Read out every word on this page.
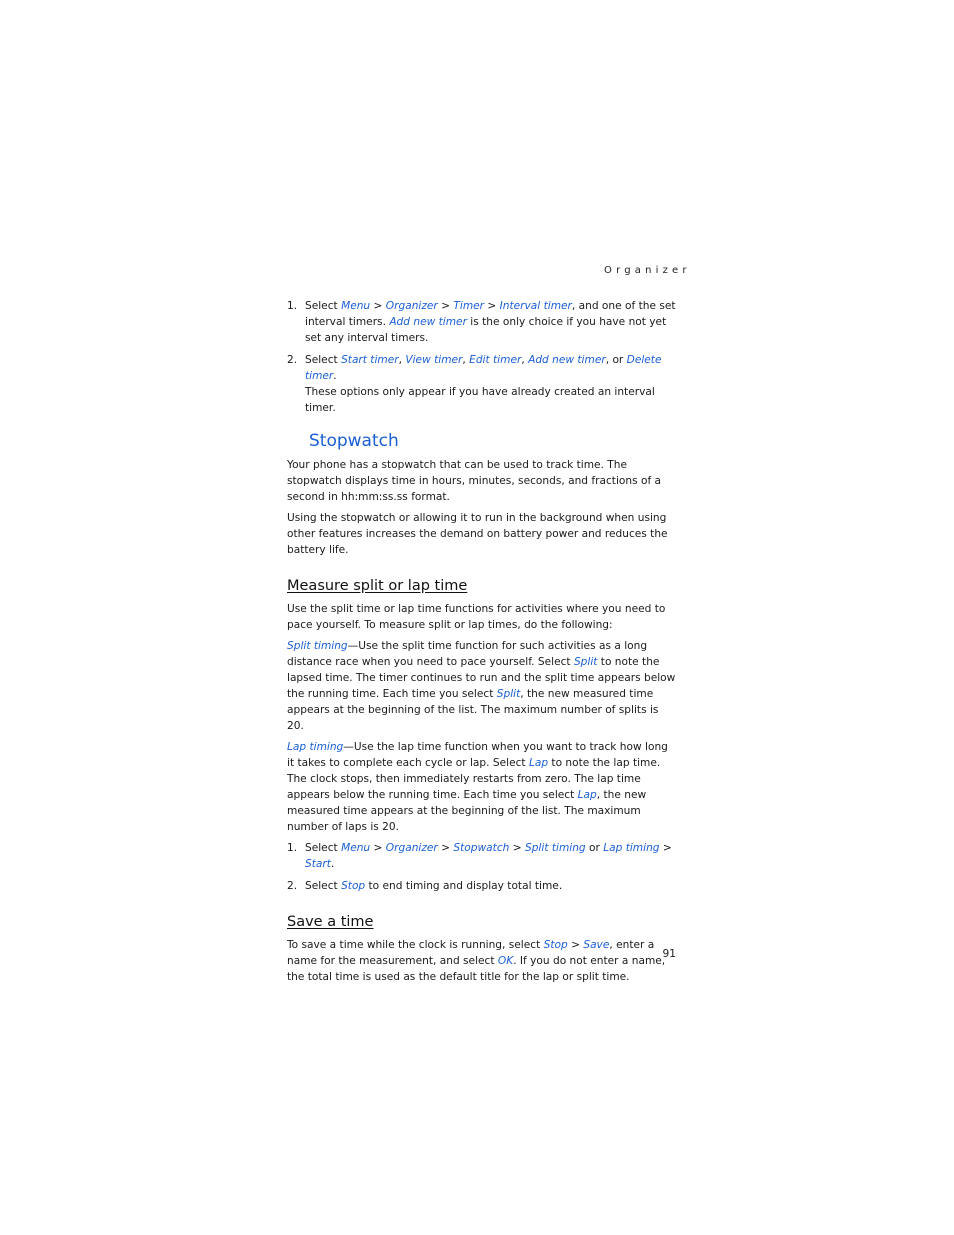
Organizer
1. Select Menu > Organizer > Timer > Interval timer, and one of the set interval timers. Add new timer is the only choice if you have not yet set any interval timers.
2. Select Start timer, View timer, Edit timer, Add new timer, or Delete timer.
These options only appear if you have already created an interval timer.
Stopwatch

Your phone has a stopwatch that can be used to track time. The stopwatch displays time in hours, minutes, seconds, and fractions of a second in hh:mm:ss.ss format.

Using the stopwatch or allowing it to run in the background when using other features increases the demand on battery power and reduces the battery life.

Measure split or lap time

Use the split time or lap time functions for activities where you need to pace yourself. To measure split or lap times, do the following:

Split timing—Use the split time function for such activities as a long distance race when you need to pace yourself. Select Split to note the lapsed time. The timer continues to run and the split time appears below the running time. Each time you select Split, the new measured time appears at the beginning of the list. The maximum number of splits is 20.

Lap timing—Use the lap time function when you want to track how long it takes to complete each cycle or lap. Select Lap to note the lap time. The clock stops, then immediately restarts from zero. The lap time appears below the running time. Each time you select Lap, the new measured time appears at the beginning of the list. The maximum number of laps is 20.

1. Select Menu > Organizer > Stopwatch > Split timing or Lap timing > Start.
2. Select Stop to end timing and display total time.
Save a time

To save a time while the clock is running, select Stop > Save, enter a name for the measurement, and select OK. If you do not enter a name, the total time is used as the default title for the lap or split time.

91
